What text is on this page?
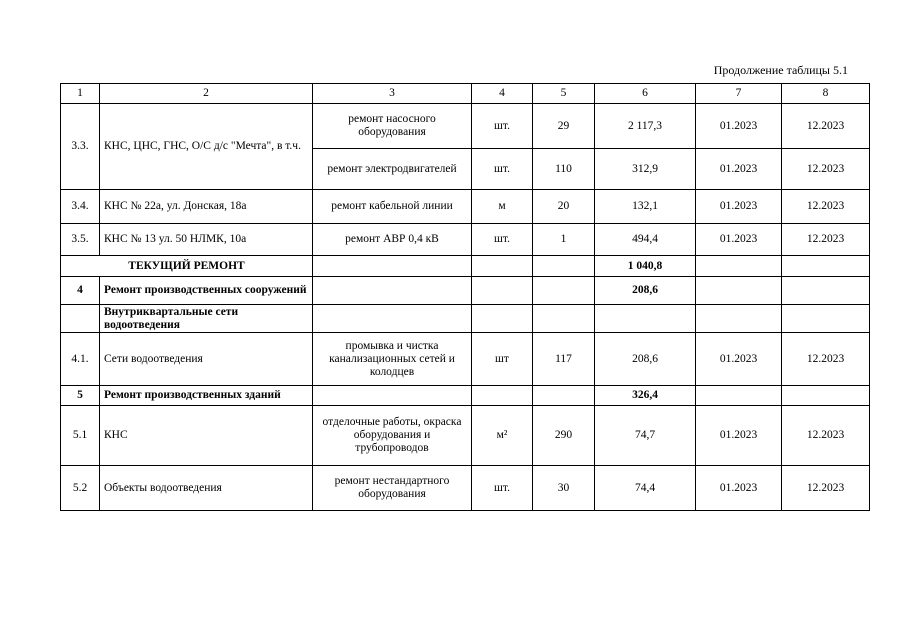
Продолжение таблицы 5.1
1	2	3	4	5	6	7	8
3.3.	КНС, ЦНС, ГНС, О/С д/с "Мечта", в т.ч.	ремонт насосного оборудования	шт.	29	2 117,3	01.2023	12.2023
		ремонт электродвигателей	шт.	110	312,9	01.2023	12.2023
3.4.	КНС № 22а, ул. Донская, 18а	ремонт кабельной линии	м	20	132,1	01.2023	12.2023
3.5.	КНС № 13 ул. 50 НЛМК, 10а	ремонт АВР 0,4 кВ	шт.	1	494,4	01.2023	12.2023
ТЕКУЩИЙ РЕМОНТ					1 040,8		
4	Ремонт производственных сооружений				208,6		
	Внутриквартальные сети водоотведения						
4.1.	Сети водоотведения	промывка и чистка канализационных сетей и колодцев	шт	117	208,6	01.2023	12.2023
5	Ремонт производственных зданий				326,4		
5.1	КНС	отделочные работы, окраска оборудования и трубопроводов	м²	290	74,7	01.2023	12.2023
5.2	Объекты водоотведения	ремонт нестандартного оборудования	шт.	30	74,4	01.2023	12.2023
